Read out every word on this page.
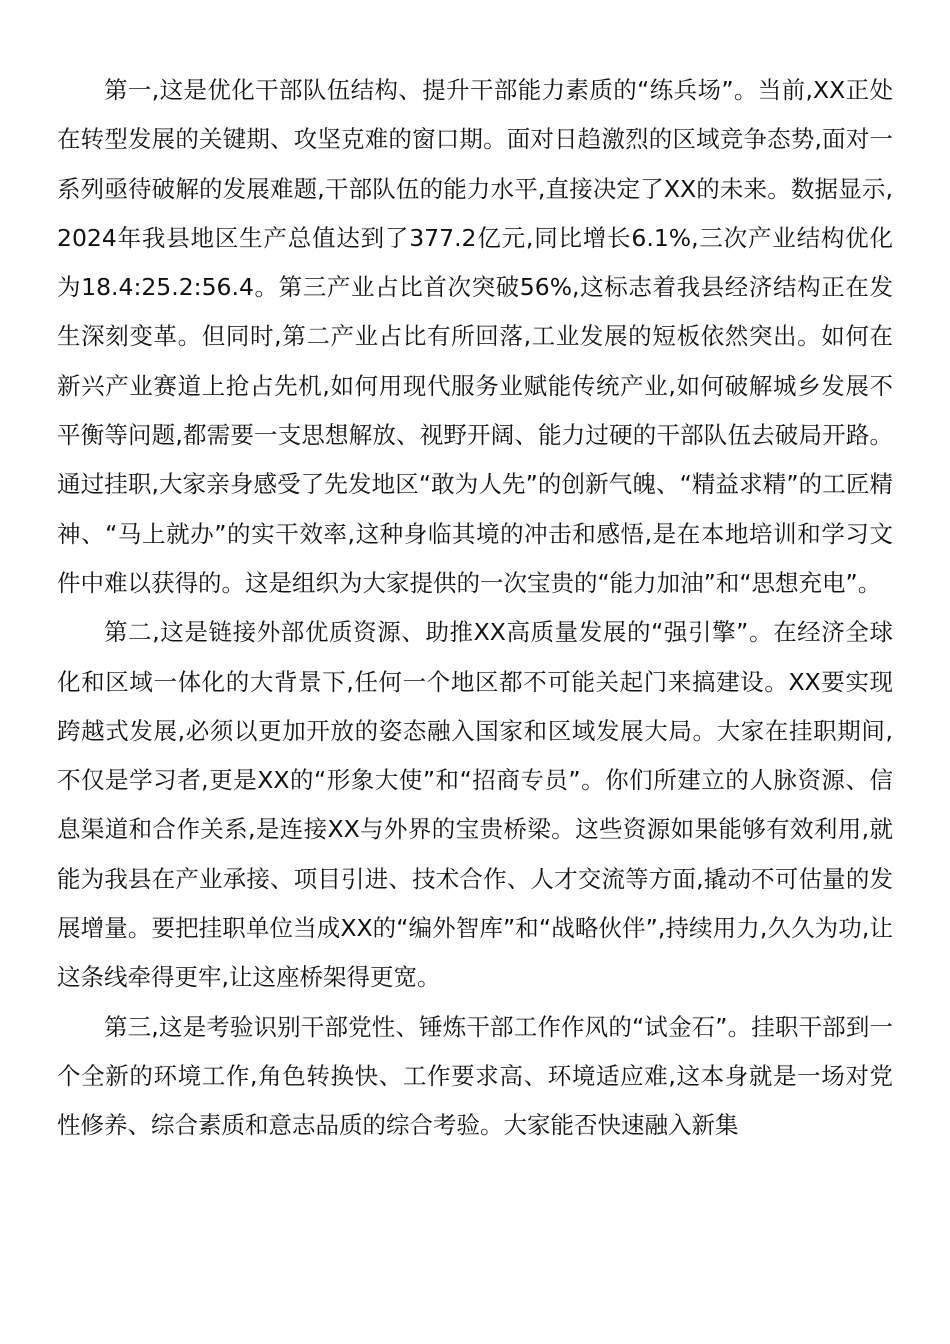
第一,这是优化干部队伍结构、提升干部能力素质的“练兵场”。当前,XX正处在转型发展的关键期、攻坚克难的窗口期。面对日趋激烈的区域竞争态势,面对一系列亟待破解的发展难题,干部队伍的能力水平,直接决定了XX的未来。数据显示,2024年我县地区生产总值达到了377.2亿元,同比增长6.1%,三次产业结构优化为18.4:25.2:56.4。第三产业占比首次突破56%,这标志着我县经济结构正在发生深刻变革。但同时,第二产业占比有所回落,工业发展的短板依然突出。如何在新兴产业赛道上抢占先机,如何用现代服务业赋能传统产业,如何破解城乡发展不平衡等问题,都需要一支思想解放、视野开阔、能力过硬的干部队伍去破局开路。通过挂职,大家亲身感受了先发地区“敢为人先”的创新气魄、“精益求精”的工匠精神、“马上就办”的实干效率,这种身临其境的冲击和感悟,是在本地培训和学习文件中难以获得的。这是组织为大家提供的一次宝贵的“能力加油”和“思想充电”。

第二,这是链接外部优质资源、助推XX高质量发展的“强引擎”。在经济全球化和区域一体化的大背景下,任何一个地区都不可能关起门来搞建设。XX要实现跨越式发展,必须以更加开放的姿态融入国家和区域发展大局。大家在挂职期间,不仅是学习者,更是XX的“形象大使”和“招商专员”。你们所建立的人脉资源、信息渠道和合作关系,是连接XX与外界的宝贵桥梁。这些资源如果能够有效利用,就能为我县在产业承接、项目引进、技术合作、人才交流等方面,撬动不可估量的发展增量。要把挂职单位当成XX的“编外智库”和“战略伙伴”,持续用力,久久为功,让这条线牵得更牢,让这座桥架得更宽。

第三,这是考验识别干部党性、锤炼干部工作作风的“试金石”。挂职干部到一个全新的环境工作,角色转换快、工作要求高、环境适应难,这本身就是一场对党性修养、综合素质和意志品质的综合考验。大家能否快速融入新集
